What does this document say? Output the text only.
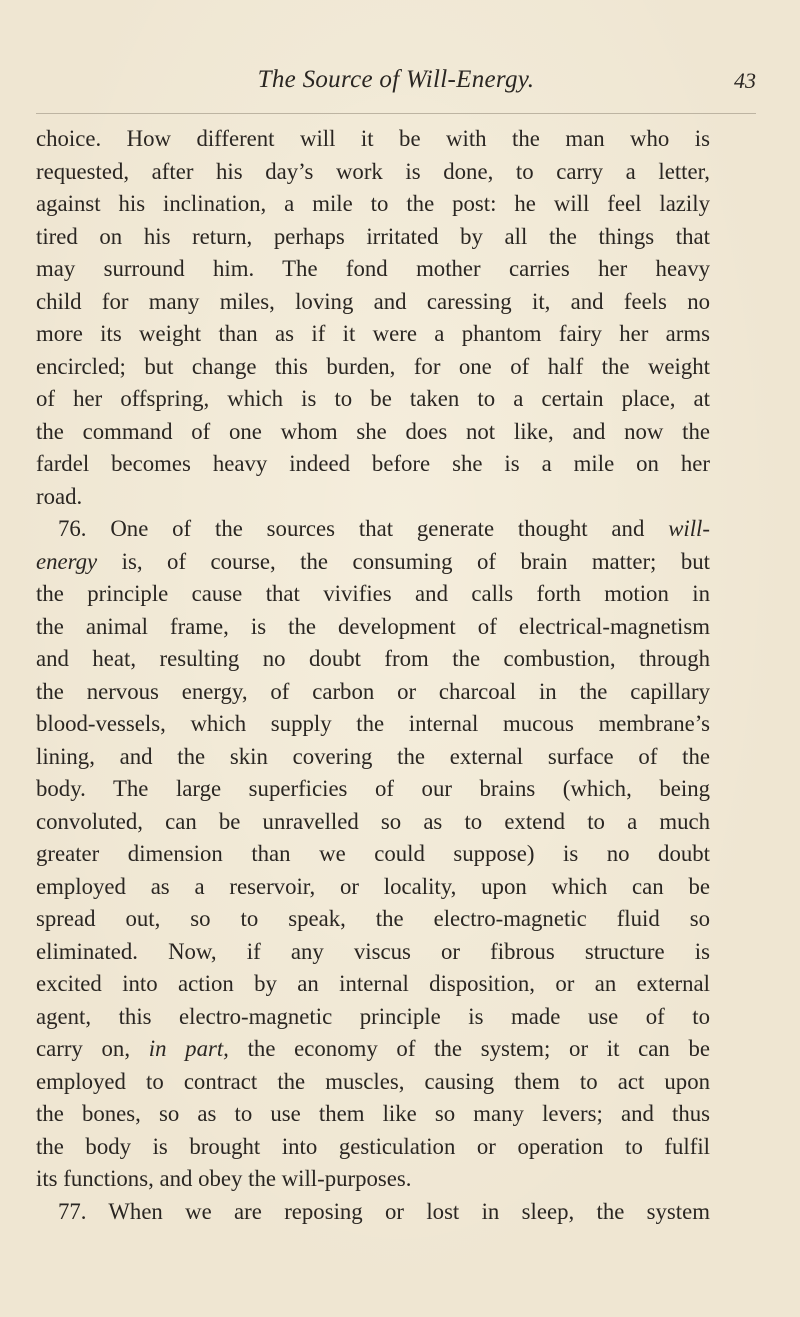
The Source of Will-Energy.	43
choice. How different will it be with the man who is
requested, after his day’s work is done, to carry a letter,
against his inclination, a mile to the post: he will feel lazily
tired on his return, perhaps irritated by all the things that
may surround him. The fond mother carries her heavy
child for many miles, loving and caressing it, and feels no
more its weight than as if it were a phantom fairy her arms
encircled; but change this burden, for one of half the weight
of her offspring, which is to be taken to a certain place, at
the command of one whom she does not like, and now the
fardel becomes heavy indeed before she is a mile on her
road.
76. One of the sources that generate thought and will-
energy is, of course, the consuming of brain matter; but
the principle cause that vivifies and calls forth motion in
the animal frame, is the development of electrical-magnetism
and heat, resulting no doubt from the combustion, through
the nervous energy, of carbon or charcoal in the capillary
blood-vessels, which supply the internal mucous membrane’s
lining, and the skin covering the external surface of the
body. The large superficies of our brains (which, being
convoluted, can be unravelled so as to extend to a much
greater dimension than we could suppose) is no doubt
employed as a reservoir, or locality, upon which can be
spread out, so to speak, the electro-magnetic fluid so
eliminated. Now, if any viscus or fibrous structure is
excited into action by an internal disposition, or an external
agent, this electro-magnetic principle is made use of to
carry on, in part, the economy of the system; or it can be
employed to contract the muscles, causing them to act upon
the bones, so as to use them like so many levers; and thus
the body is brought into gesticulation or operation to fulfil
its functions, and obey the will-purposes.
77. When we are reposing or lost in sleep, the system
